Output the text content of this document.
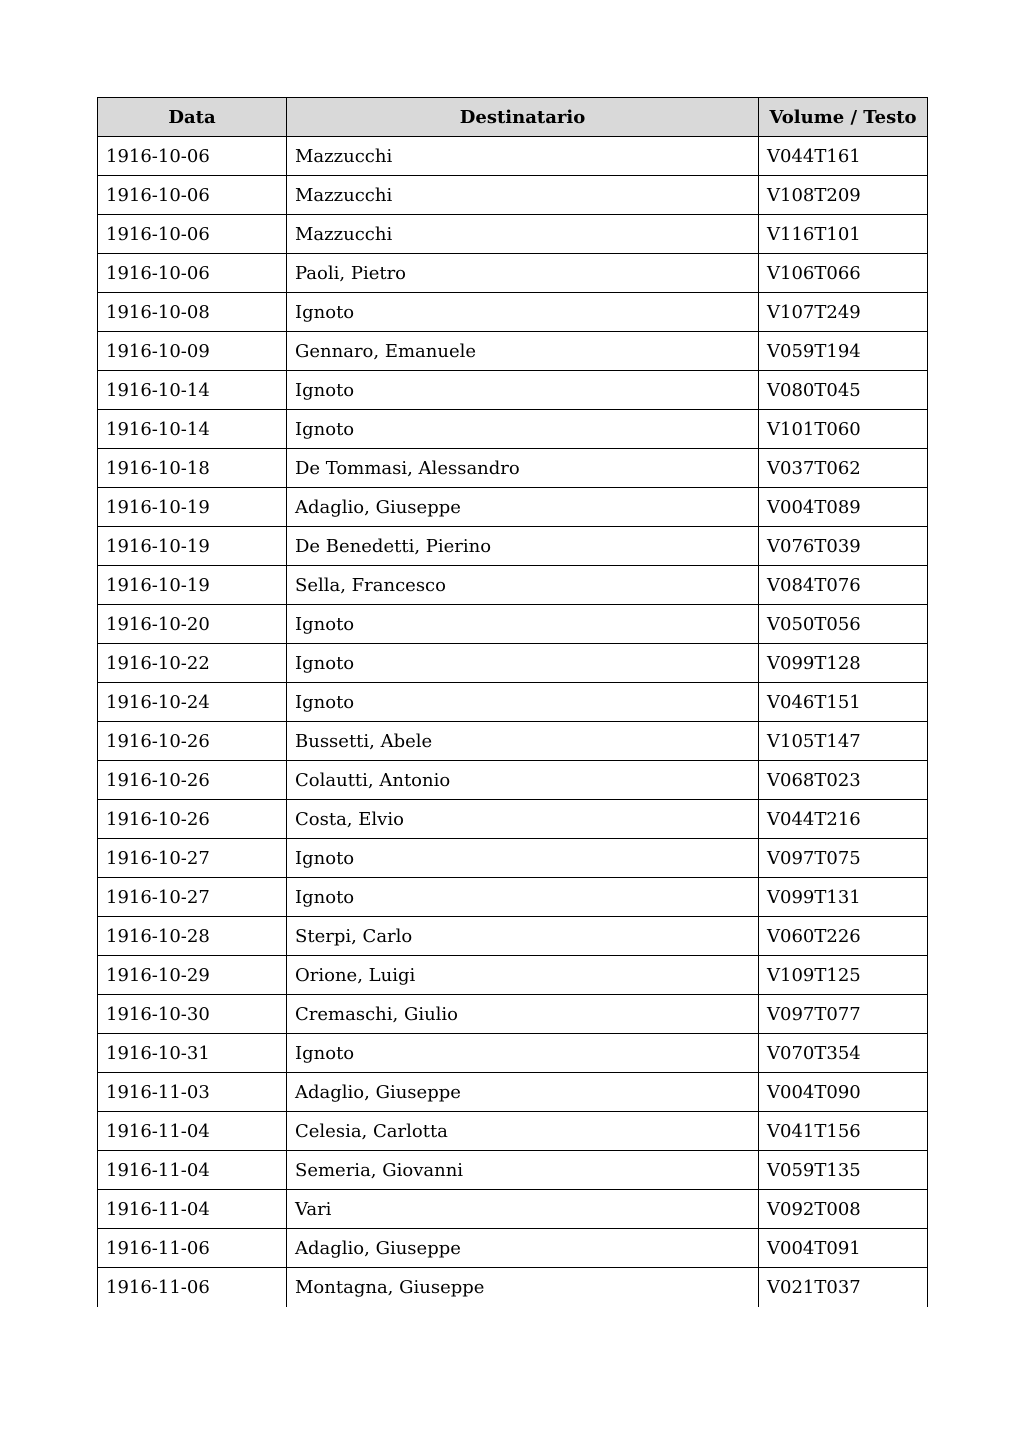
Data	Destinatario	Volume / Testo
1916-10-06	Mazzucchi	V044T161
1916-10-06	Mazzucchi	V108T209
1916-10-06	Mazzucchi	V116T101
1916-10-06	Paoli, Pietro	V106T066
1916-10-08	Ignoto	V107T249
1916-10-09	Gennaro, Emanuele	V059T194
1916-10-14	Ignoto	V080T045
1916-10-14	Ignoto	V101T060
1916-10-18	De Tommasi, Alessandro	V037T062
1916-10-19	Adaglio, Giuseppe	V004T089
1916-10-19	De Benedetti, Pierino	V076T039
1916-10-19	Sella, Francesco	V084T076
1916-10-20	Ignoto	V050T056
1916-10-22	Ignoto	V099T128
1916-10-24	Ignoto	V046T151
1916-10-26	Bussetti, Abele	V105T147
1916-10-26	Colautti, Antonio	V068T023
1916-10-26	Costa, Elvio	V044T216
1916-10-27	Ignoto	V097T075
1916-10-27	Ignoto	V099T131
1916-10-28	Sterpi, Carlo	V060T226
1916-10-29	Orione, Luigi	V109T125
1916-10-30	Cremaschi, Giulio	V097T077
1916-10-31	Ignoto	V070T354
1916-11-03	Adaglio, Giuseppe	V004T090
1916-11-04	Celesia, Carlotta	V041T156
1916-11-04	Semeria, Giovanni	V059T135
1916-11-04	Vari	V092T008
1916-11-06	Adaglio, Giuseppe	V004T091
1916-11-06	Montagna, Giuseppe	V021T037
